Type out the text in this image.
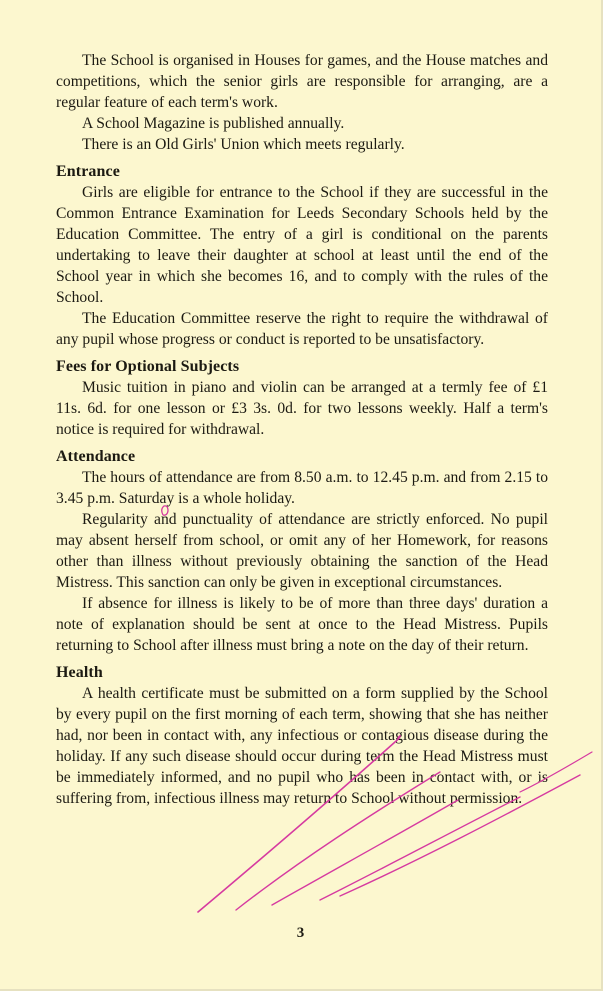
The School is organised in Houses for games, and the House matches and competitions, which the senior girls are responsible for arranging, are a regular feature of each term's work.

A School Magazine is published annually.

There is an Old Girls' Union which meets regularly.

Entrance

Girls are eligible for entrance to the School if they are successful in the Common Entrance Examination for Leeds Secondary Schools held by the Education Committee. The entry of a girl is conditional on the parents undertaking to leave their daughter at school at least until the end of the School year in which she becomes 16, and to comply with the rules of the School.

The Education Committee reserve the right to require the withdrawal of any pupil whose progress or conduct is reported to be unsatisfactory.

Fees for Optional Subjects

Music tuition in piano and violin can be arranged at a termly fee of £1 11s. 6d. for one lesson or £3 3s. 0d. for two lessons weekly. Half a term's notice is required for withdrawal.

Attendance

The hours of attendance are from 8.50 a.m. to 12.45 p.m. and from 2.15 to 3.45 p.m. Saturday is a whole holiday.

Regularity and punctuality of attendance are strictly enforced. No pupil may absent herself from school, or omit any of her Homework, for reasons other than illness without previously obtaining the sanction of the Head Mistress. This sanction can only be given in exceptional circumstances.

If absence for illness is likely to be of more than three days' duration a note of explanation should be sent at once to the Head Mistress. Pupils returning to School after illness must bring a note on the day of their return.

Health

A health certificate must be submitted on a form supplied by the School by every pupil on the first morning of each term, showing that she has neither had, nor been in contact with, any infectious or contagious disease during the holiday. If any such disease should occur during term the Head Mistress must be immediately informed, and no pupil who has been in contact with, or is suffering from, infectious illness may return to School without permission.

3
